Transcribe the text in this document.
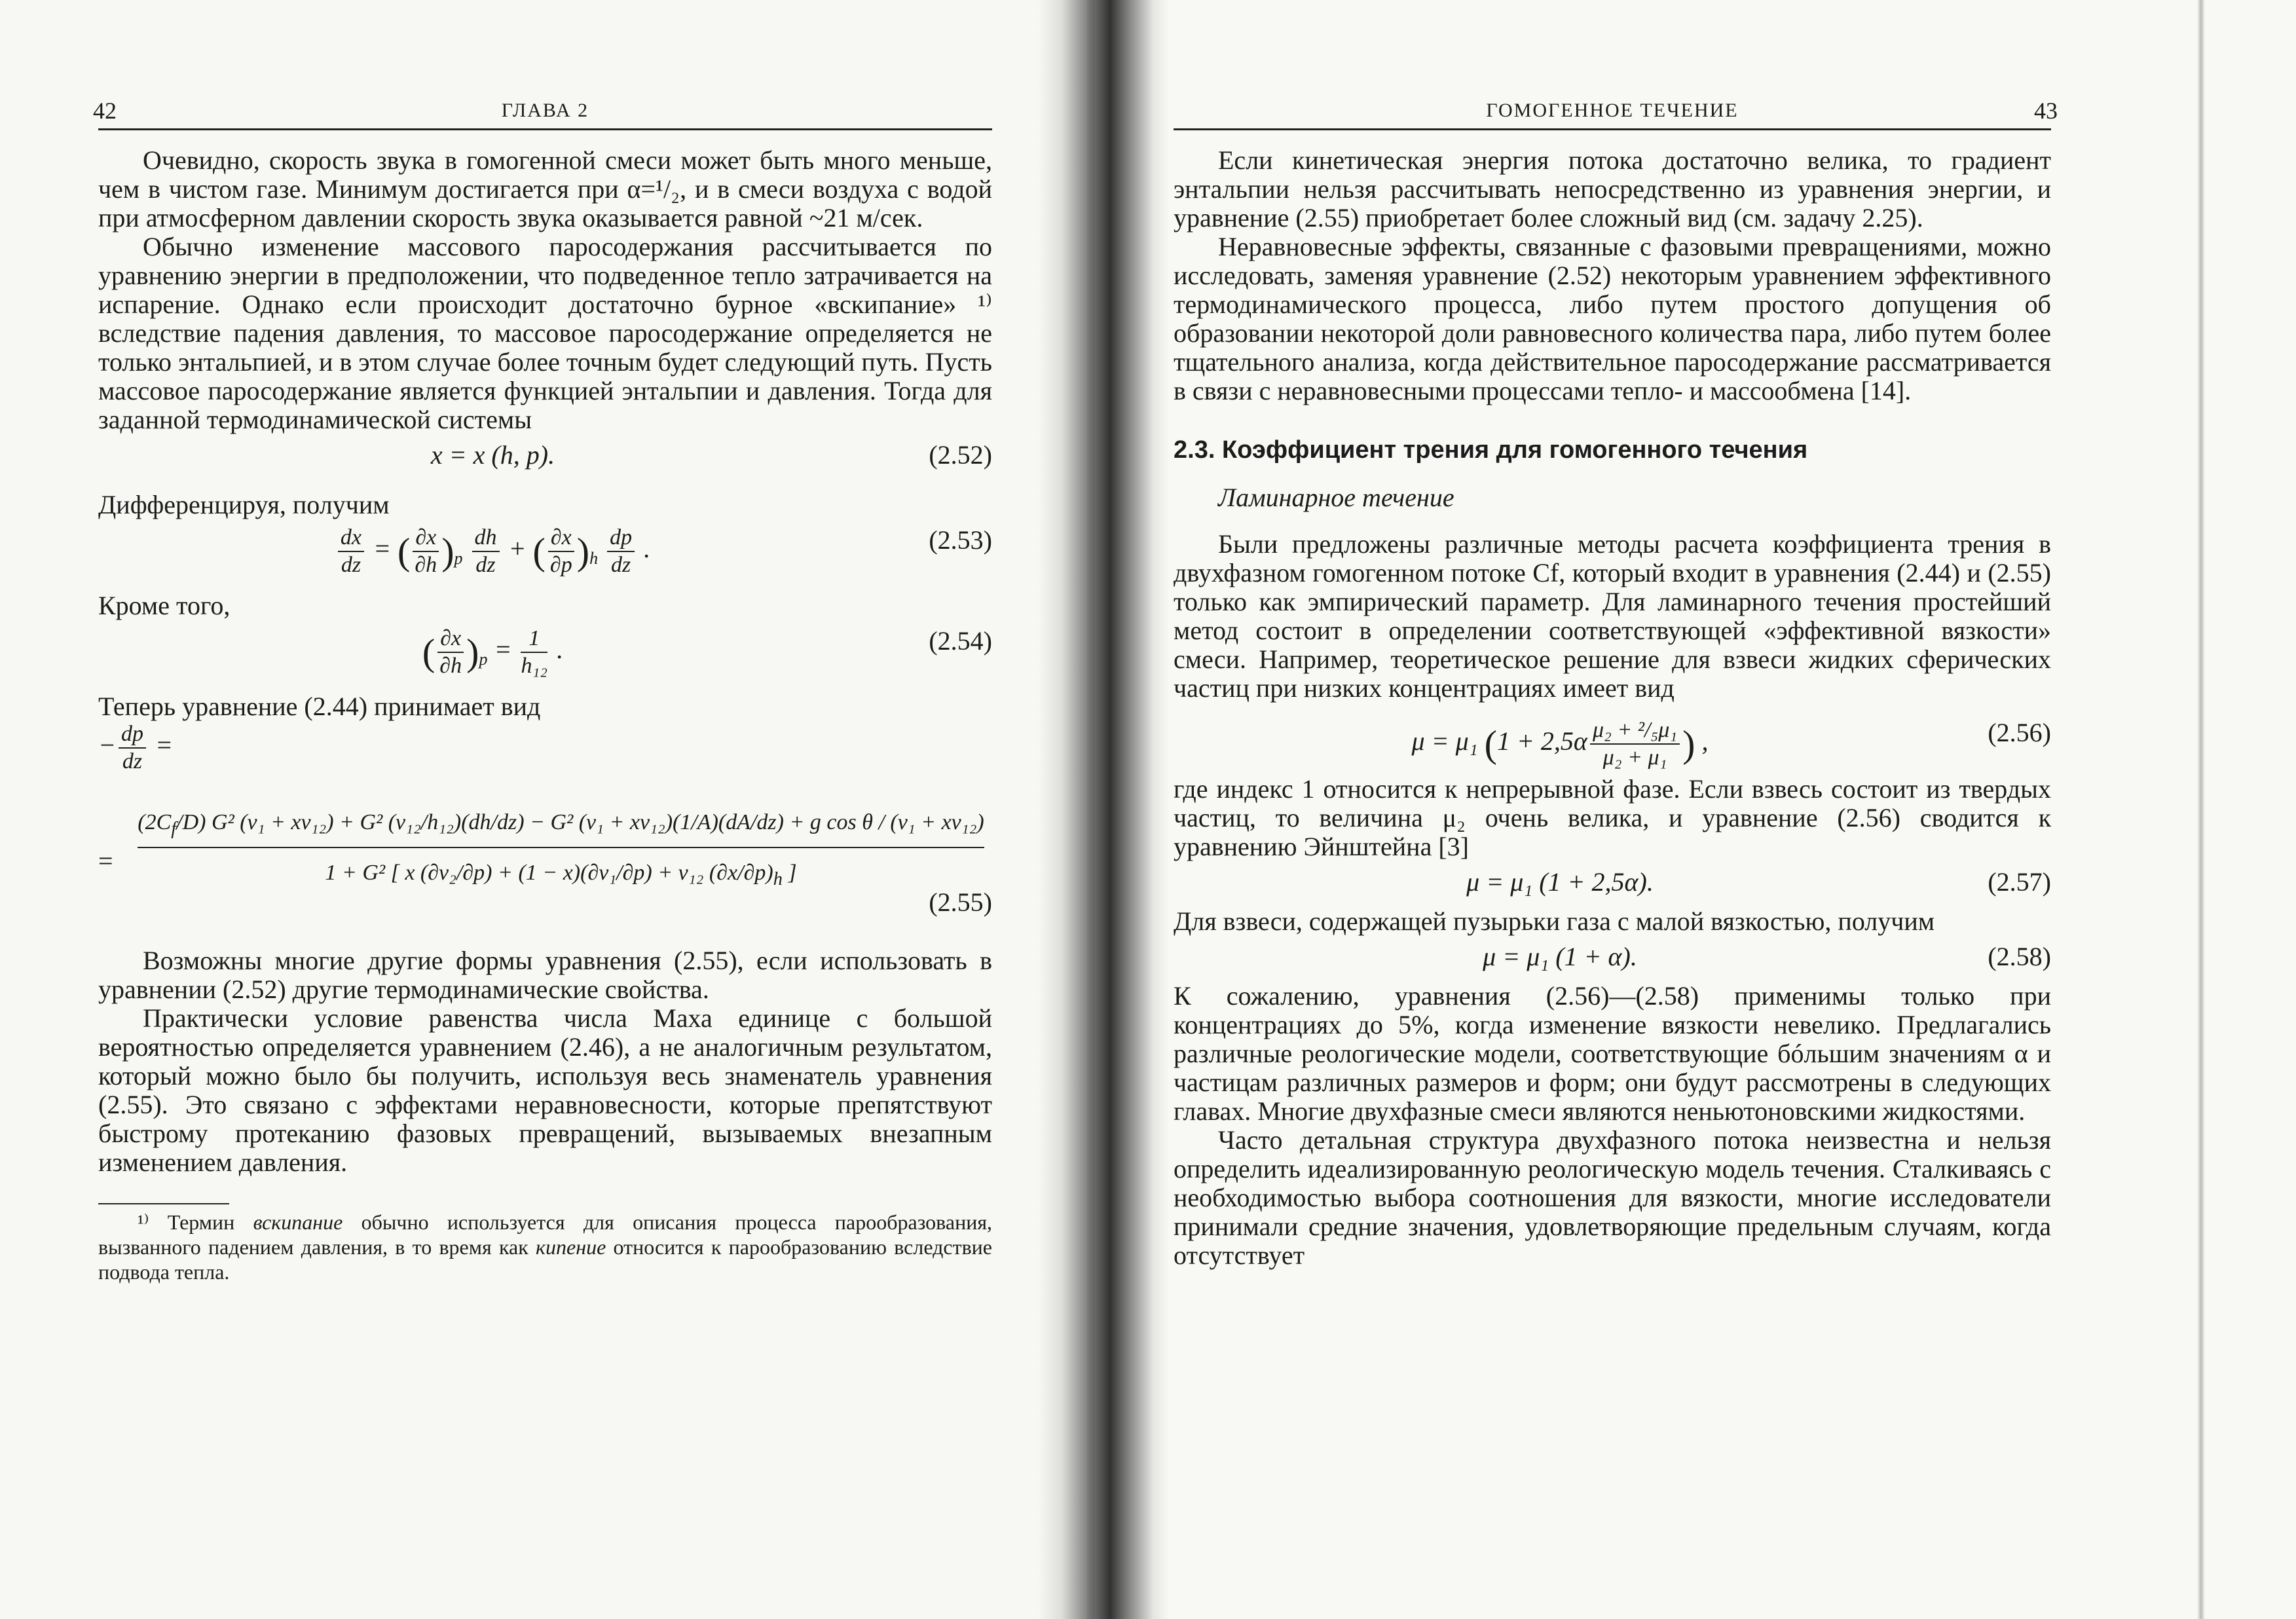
42	ГЛАВА 2

Очевидно, скорость звука в гомогенной смеси может быть много меньше, чем в чистом газе. Минимум достигается при α=¹/₂, и в смеси воздуха с водой при атмосферном давлении скорость звука оказывается равной ~21 м/сек.

Обычно изменение массового паросодержания рассчитывается по уравнению энергии в предположении, что подведенное тепло затрачивается на испарение. Однако если происходит достаточно бурное «вскипание» ¹⁾ вследствие падения давления, то массовое паросодержание определяется не только энтальпией, и в этом случае более точным будет следующий путь. Пусть массовое паросодержание является функцией энтальпии и давления. Тогда для заданной термодинамической системы

x = x (h, p).	(2.52)

Дифференцируя, получим

$\frac{dx}{dz}$ = ( $\frac{\partial x}{\partial h} )_p \frac{dh}{dz}$ + ( $\frac{\partial x}{\partial p} )_h \frac{dp}{dz}$ .	(2.53)

Кроме того,

( $\frac{\partial x}{\partial h} )_p = \frac{1}{\text{h₁₂}}$ .	(2.54)

Теперь уравнение (2.44) принимает вид

− $\frac{dp}{dz}$ =
=
$(2C_f/D)$ G² (v₁ + xv₁₂) + G² (v₁₂/h₁₂)(dh/dz) − G² (v₁ + xv₁₂)(1/A)(dA/dz) + g cos θ / (v₁ + xv₁₂)
1 + G² [ x (∂v₂/∂p) + (1 − x)(∂v₁/∂p) + v₁₂ $(\partial x/\partial p)_h$ ]
(2.55)

Возможны многие другие формы уравнения (2.55), если использовать в уравнении (2.52) другие термодинамические свойства.

Практически условие равенства числа Маха единице с большой вероятностью определяется уравнением (2.46), а не аналогичным результатом, который можно было бы получить, используя весь знаменатель уравнения (2.55). Это связано с эффектами неравновесности, которые препятствуют быстрому протеканию фазовых превращений, вызываемых внезапным изменением давления.

¹⁾ Термин вскипание обычно используется для описания процесса парообразования, вызванного падением давления, в то время как кипение относится к парообразованию вследствие подвода тепла.

ГОМОГЕННОЕ ТЕЧЕНИЕ	43

Если кинетическая энергия потока достаточно велика, то градиент энтальпии нельзя рассчитывать непосредственно из уравнения энергии, и уравнение (2.55) приобретает более сложный вид (см. задачу 2.25).

Неравновесные эффекты, связанные с фазовыми превращениями, можно исследовать, заменяя уравнение (2.52) некоторым уравнением эффективного термодинамического процесса, либо путем простого допущения об образовании некоторой доли равновесного количества пара, либо путем более тщательного анализа, когда действительное паросодержание рассматривается в связи с неравновесными процессами тепло- и массообмена [14].

2.3. Коэффициент трения для гомогенного течения
Ламинарное течение

Были предложены различные методы расчета коэффициента трения в двухфазном гомогенном потоке Cf, который входит в уравнения (2.44) и (2.55) только как эмпирический параметр. Для ламинарного течения простейший метод состоит в определении соответствующей «эффективной вязкости» смеси. Например, теоретическое решение для взвеси жидких сферических частиц при низких концентрациях имеет вид

μ = μ₁ ($1 + 2,5\alpha \frac{\text{μ₂ + ²/₅μ₁}}{\text{μ₂ + μ₁}}$ ) ,	(2.56)

где индекс 1 относится к непрерывной фазе. Если взвесь состоит из твердых частиц, то величина μ₂ очень велика, и уравнение (2.56) сводится к уравнению Эйнштейна [3]

μ = μ₁ (1 + 2,5α).	(2.57)

Для взвеси, содержащей пузырьки газа с малой вязкостью, получим

μ = μ₁ (1 + α).	(2.58)

К сожалению, уравнения (2.56)—(2.58) применимы только при концентрациях до 5%, когда изменение вязкости невелико. Предлагались различные реологические модели, соответствующие бóльшим значениям α и частицам различных размеров и форм; они будут рассмотрены в следующих главах. Многие двухфазные смеси являются неньютоновскими жидкостями.

Часто детальная структура двухфазного потока неизвестна и нельзя определить идеализированную реологическую модель течения. Сталкиваясь с необходимостью выбора соотношения для вязкости, многие исследователи принимали средние значения, удовлетворяющие предельным случаям, когда отсутствует
